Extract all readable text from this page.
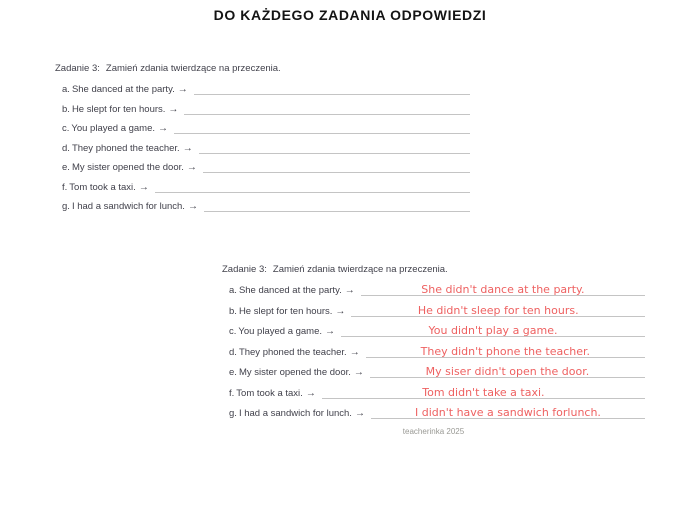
DO KAŻDEGO ZADANIA ODPOWIEDZI
Zadanie 3: Zamień zdania twierdzące na przeczenia.
a. She danced at the party. →
b. He slept for ten hours. →
c. You played a game. →
d. They phoned the teacher. →
e. My sister opened the door. →
f. Tom took a taxi. →
g. I had a sandwich for lunch. →
Zadanie 3: Zamień zdania twierdzące na przeczenia.
a. She danced at the party. →	She didn't dance at the party.
b. He slept for ten hours. →	He didn't sleep for ten hours.
c. You played a game. →	You didn't play a game.
d. They phoned the teacher. →	They didn't phone the teacher.
e. My sister opened the door. →	My siser didn't open the door.
f. Tom took a taxi. →	Tom didn't take a taxi.
g. I had a sandwich for lunch. →	I didn't have a sandwich forlunch.
teacherinka 2025
